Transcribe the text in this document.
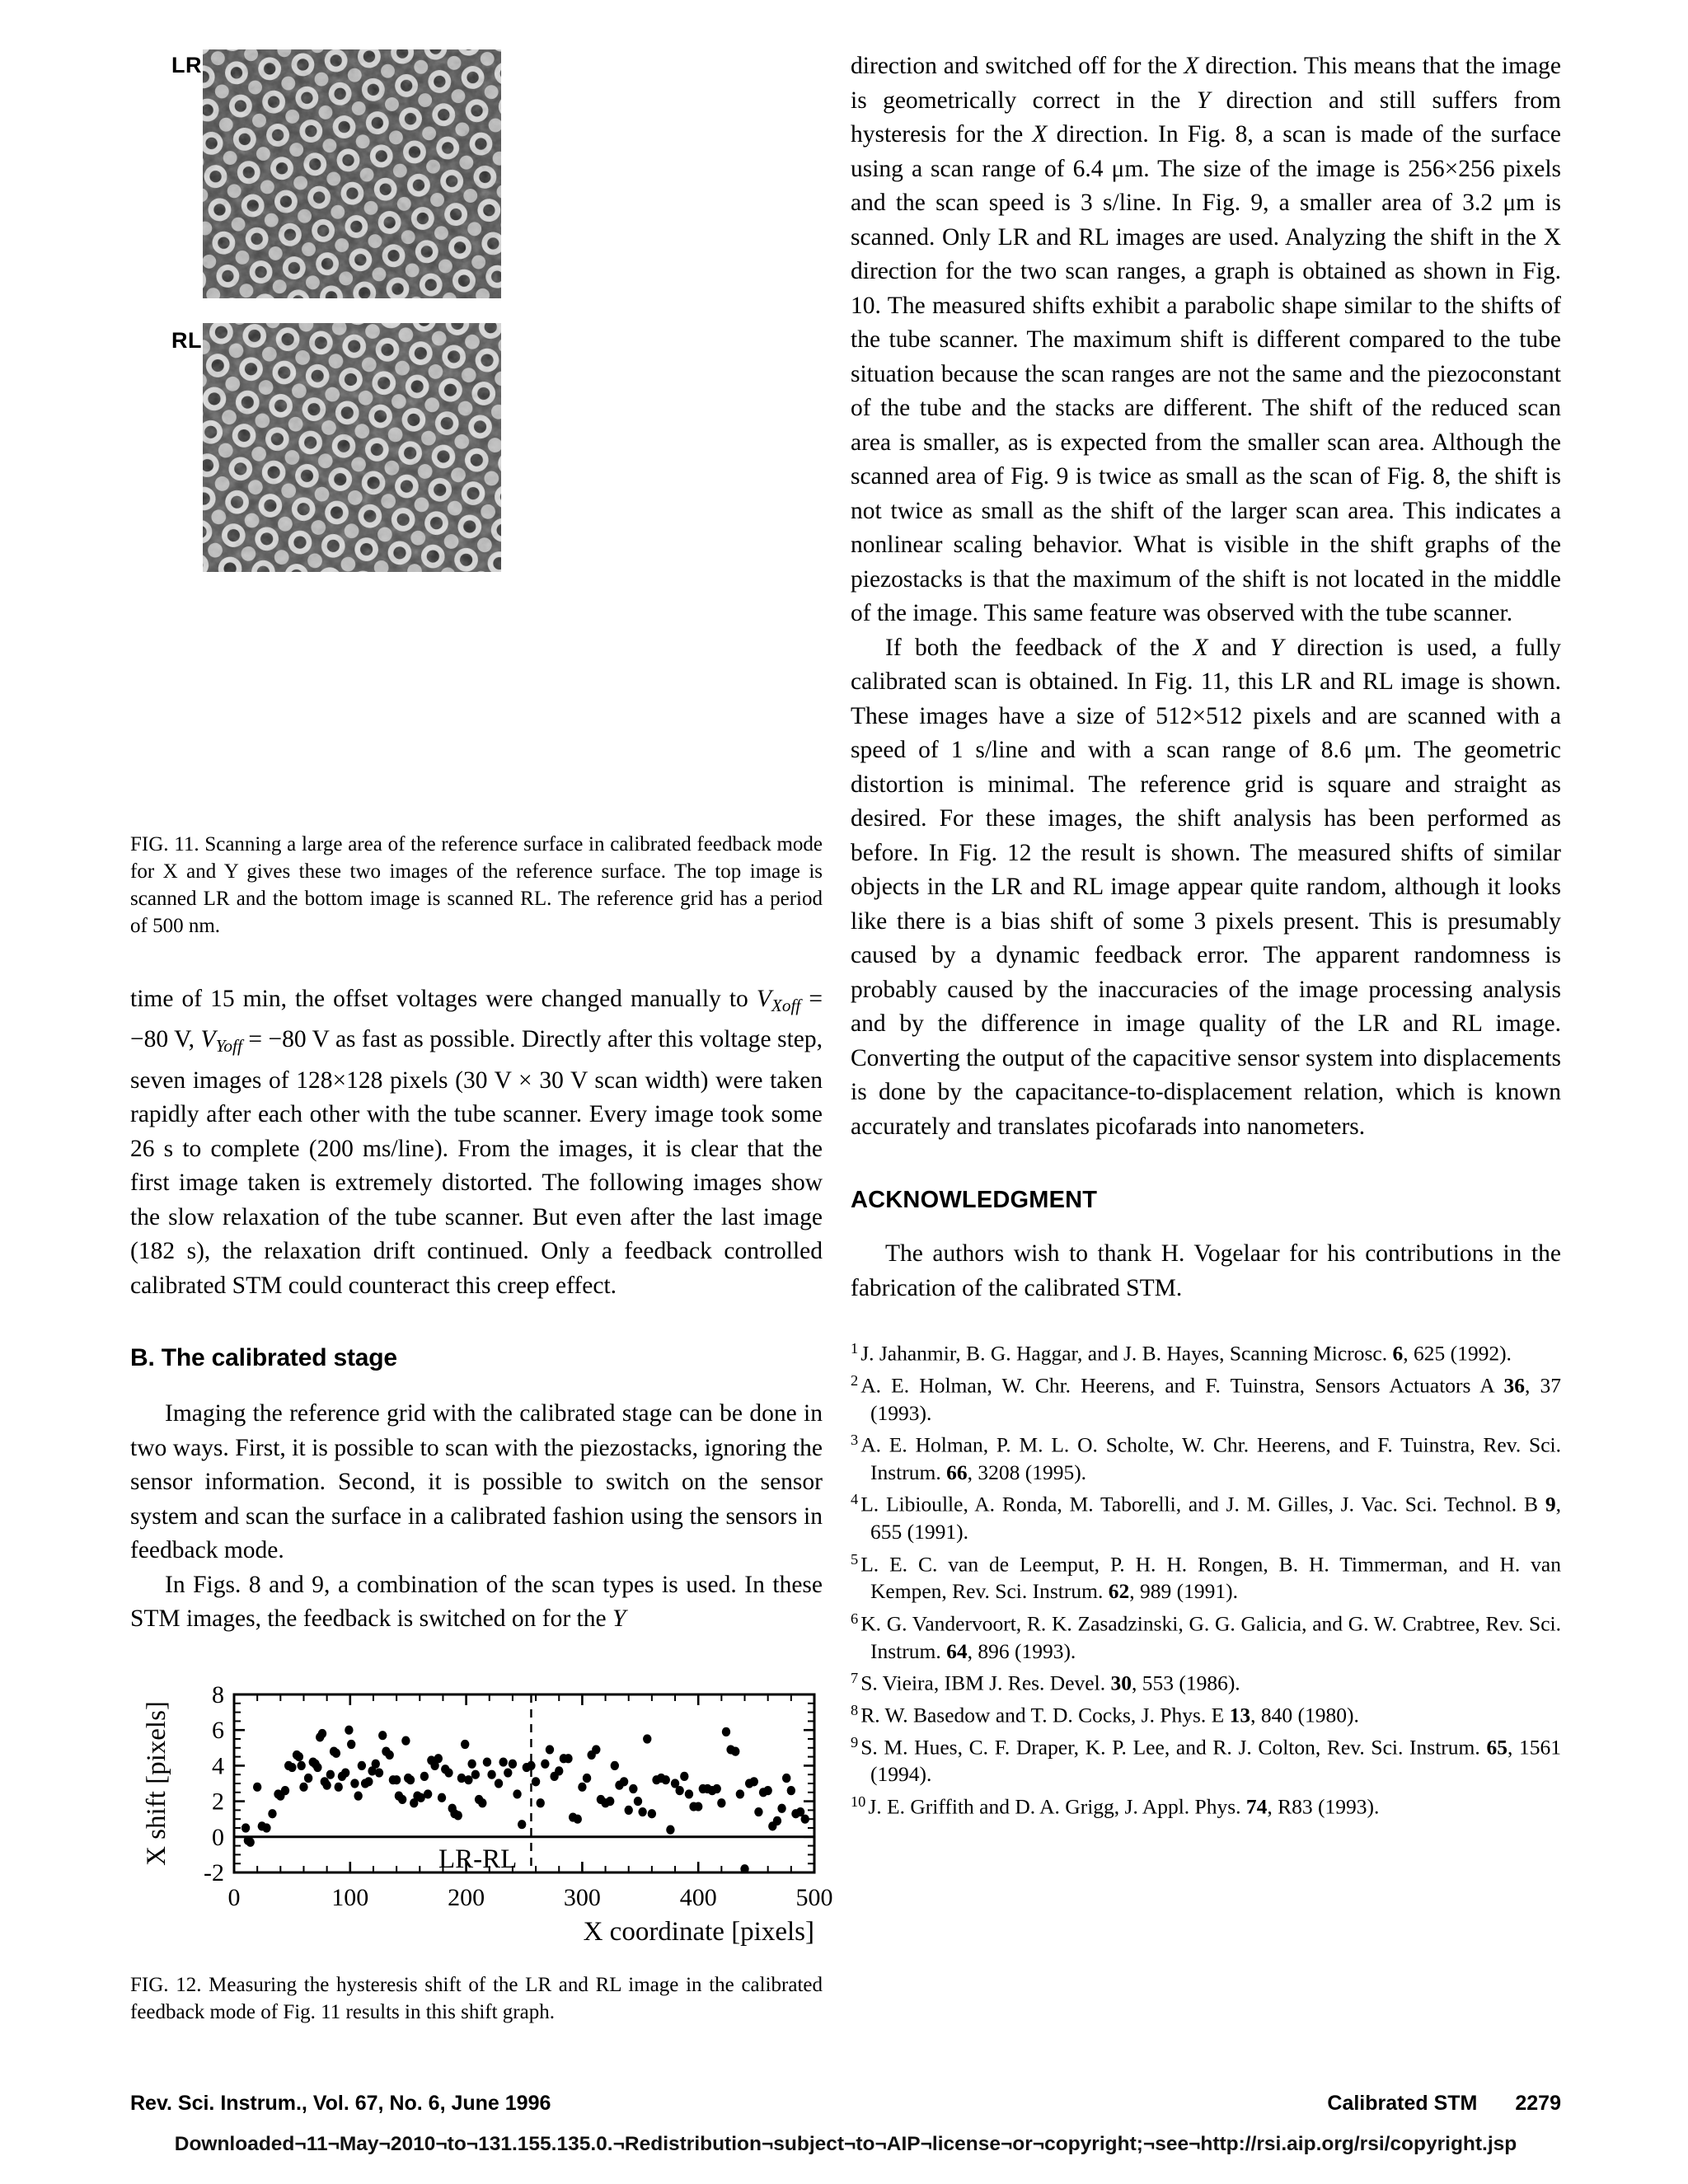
LR
RL

FIG. 11. Scanning a large area of the reference surface in calibrated feedback mode for X and Y gives these two images of the reference surface. The top image is scanned LR and the bottom image is scanned RL. The reference grid has a period of 500 nm.

time of 15 min, the offset voltages were changed manually to $V_{Xoff} = -80$ V, $V_{Yoff} = -80$ V as fast as possible. Directly after this voltage step, seven images of 128×128 pixels (30 V × 30 V scan width) were taken rapidly after each other with the tube scanner. Every image took some 26 s to complete (200 ms/line). From the images, it is clear that the first image taken is extremely distorted. The following images show the slow relaxation of the tube scanner. But even after the last image (182 s), the relaxation drift continued. Only a feedback controlled calibrated STM could counteract this creep effect.

B. The calibrated stage

Imaging the reference grid with the calibrated stage can be done in two ways. First, it is possible to scan with the piezostacks, ignoring the sensor information. Second, it is possible to switch on the sensor system and scan the surface in a calibrated fashion using the sensors in feedback mode.

In Figs. 8 and 9, a combination of the scan types is used. In these STM images, the feedback is switched on for the Y

0	100	200	300	400	500
-2
0
2
4
6
8
LR-RL
X shift [pixels]
X coordinate [pixels]

FIG. 12. Measuring the hysteresis shift of the LR and RL image in the calibrated feedback mode of Fig. 11 results in this shift graph.

direction and switched off for the X direction. This means that the image is geometrically correct in the Y direction and still suffers from hysteresis for the X direction. In Fig. 8, a scan is made of the surface using a scan range of 6.4 μm. The size of the image is 256×256 pixels and the scan speed is 3 s/line. In Fig. 9, a smaller area of 3.2 μm is scanned. Only LR and RL images are used. Analyzing the shift in the X direction for the two scan ranges, a graph is obtained as shown in Fig. 10. The measured shifts exhibit a parabolic shape similar to the shifts of the tube scanner. The maximum shift is different compared to the tube situation because the scan ranges are not the same and the piezoconstant of the tube and the stacks are different. The shift of the reduced scan area is smaller, as is expected from the smaller scan area. Although the scanned area of Fig. 9 is twice as small as the scan of Fig. 8, the shift is not twice as small as the shift of the larger scan area. This indicates a nonlinear scaling behavior. What is visible in the shift graphs of the piezostacks is that the maximum of the shift is not located in the middle of the image. This same feature was observed with the tube scanner.

If both the feedback of the X and Y direction is used, a fully calibrated scan is obtained. In Fig. 11, this LR and RL image is shown. These images have a size of 512×512 pixels and are scanned with a speed of 1 s/line and with a scan range of 8.6 μm. The geometric distortion is minimal. The reference grid is square and straight as desired. For these images, the shift analysis has been performed as before. In Fig. 12 the result is shown. The measured shifts of similar objects in the LR and RL image appear quite random, although it looks like there is a bias shift of some 3 pixels present. This is presumably caused by a dynamic feedback error. The apparent randomness is probably caused by the inaccuracies of the image processing analysis and by the difference in image quality of the LR and RL image. Converting the output of the capacitive sensor system into displacements is done by the capacitance-to-displacement relation, which is known accurately and translates picofarads into nanometers.

ACKNOWLEDGMENT

The authors wish to thank H. Vogelaar for his contributions in the fabrication of the calibrated STM.

$^1$ J. Jahanmir, B. G. Haggar, and J. B. Hayes, Scanning Microsc. 6, 625 (1992).

$^2$ A. E. Holman, W. Chr. Heerens, and F. Tuinstra, Sensors Actuators A 36, 37 (1993).

$^3$ A. E. Holman, P. M. L. O. Scholte, W. Chr. Heerens, and F. Tuinstra, Rev. Sci. Instrum. 66, 3208 (1995).

$^4$ L. Libioulle, A. Ronda, M. Taborelli, and J. M. Gilles, J. Vac. Sci. Technol. B 9, 655 (1991).

$^5$ L. E. C. van de Leemput, P. H. H. Rongen, B. H. Timmerman, and H. van Kempen, Rev. Sci. Instrum. 62, 989 (1991).

$^6$ K. G. Vandervoort, R. K. Zasadzinski, G. G. Galicia, and G. W. Crabtree, Rev. Sci. Instrum. 64, 896 (1993).

$^7$ S. Vieira, IBM J. Res. Devel. 30, 553 (1986).

$^8$ R. W. Basedow and T. D. Cocks, J. Phys. E 13, 840 (1980).

$^9$ S. M. Hues, C. F. Draper, K. P. Lee, and R. J. Colton, Rev. Sci. Instrum. 65, 1561 (1994).

$^{10}$ J. E. Griffith and D. A. Grigg, J. Appl. Phys. 74, R83 (1993).

Rev. Sci. Instrum., Vol. 67, No. 6, June 1996	Calibrated STM 2279
Downloaded¬11¬May¬2010¬to¬131.155.135.0.¬Redistribution¬subject¬to¬AIP¬license¬or¬copyright;¬see¬http://rsi.aip.org/rsi/copyright.jsp
